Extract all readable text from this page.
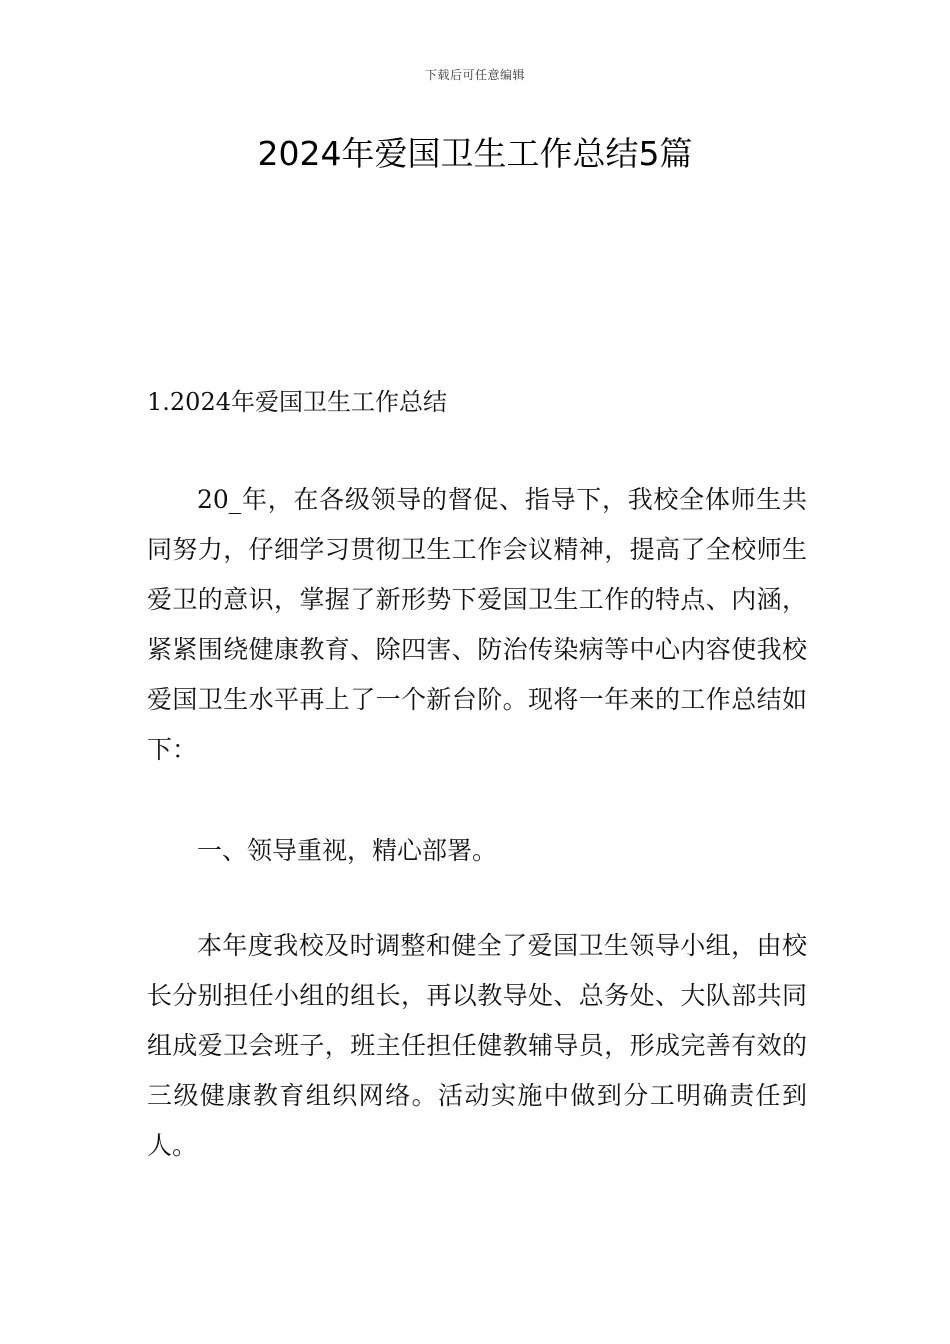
下载后可任意编辑
2024年爱国卫生工作总结5篇
1.2024年爱国卫生工作总结

20_年，在各级领导的督促、指导下，我校全体师生共同努力，仔细学习贯彻卫生工作会议精神，提高了全校师生爱卫的意识，掌握了新形势下爱国卫生工作的特点、内涵，紧紧围绕健康教育、除四害、防治传染病等中心内容使我校爱国卫生水平再上了一个新台阶。现将一年来的工作总结如下：

一、领导重视，精心部署。

本年度我校及时调整和健全了爱国卫生领导小组，由校长分别担任小组的组长，再以教导处、总务处、大队部共同组成爱卫会班子，班主任担任健教辅导员，形成完善有效的三级健康教育组织网络。活动实施中做到分工明确责任到人。
